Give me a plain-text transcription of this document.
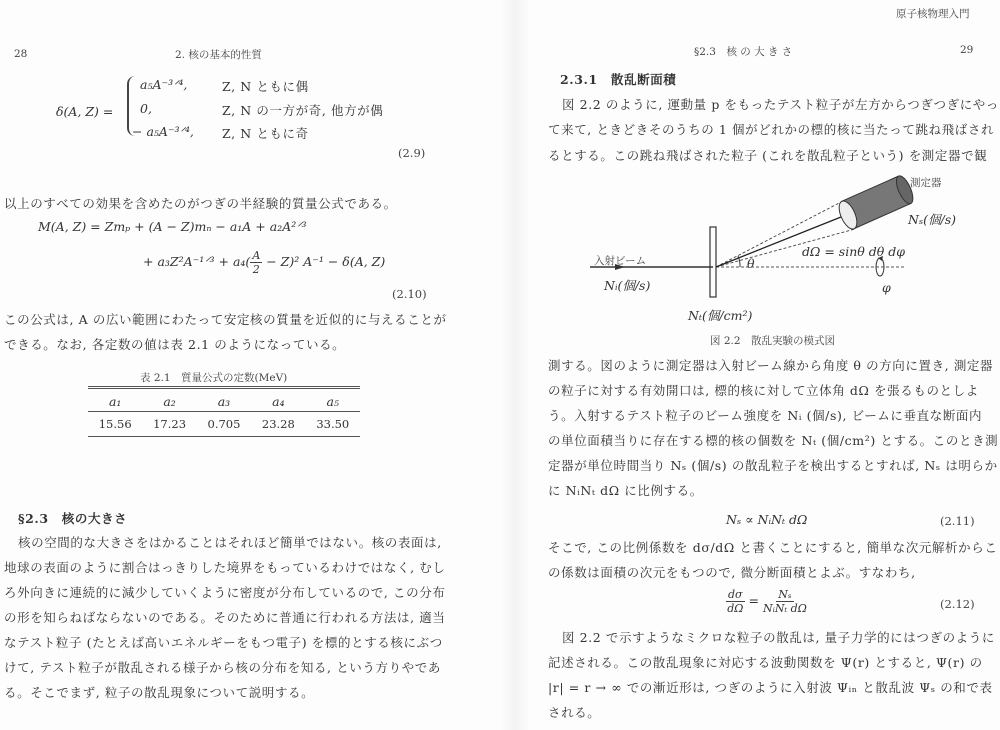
28	2. 核の基本的性質
δ(A, Z) =
a₅A⁻³ᐟ⁴,	Z, N ともに偶
0,	Z, N の一方が奇, 他方が偶
− a₅A⁻³ᐟ⁴, Z, N ともに奇
(2.9)
以上のすべての効果を含めたのがつぎの半経験的質量公式である。
M(A, Z) = Zmₚ + (A − Z)mₙ − a₁A + a₂A²ᐟ³
+ a₃Z²A⁻¹ᐟ³ + $a_4( \frac{A}{2} - Z)^2$ A⁻¹ − δ(A, Z)
(2.10)
この公式は, A の広い範囲にわたって安定核の質量を近似的に与えることが
できる。なお, 各定数の値は表 2.1 のようになっている。
表 2.1　質量公式の定数(MeV)
a₁	a₂	a₃	a₄	a₅
15.56	17.23	0.705	23.28	33.50
§2.3　核の大きさ
核の空間的な大きさをはかることはそれほど簡単ではない。核の表面は,
地球の表面のように割合はっきりした境界をもっているわけではなく, むし
ろ外向きに連続的に減少していくように密度が分布しているので, この分布
の形を知らねばならないのである。そのために普通に行われる方法は, 適当
なテスト粒子 (たとえば高いエネルギーをもつ電子) を標的とする核にぶつ
けて, テスト粒子が散乱される様子から核の分布を知る, という方りやであ
る。そこでまず, 粒子の散乱現象について説明する。
原子核物理入門
§2.3　核 の 大 き さ	29
2.3.1　散乱断面積
図 2.2 のように, 運動量 p をもったテスト粒子が左方からつぎつぎにやっ
て来て, ときどきそのうちの 1 個がどれかの標的核に当たって跳ね飛ばされ
るとする。この跳ね飛ばされた粒子 (これを散乱粒子という) を測定器で観
測定器
Nₛ(個/s)
dΩ = sinθ dθ dφ
入射ビーム
Nᵢ(個/s)
θ
φ
Nₜ(個/cm²)
図 2.2　散乱実験の模式図
測する。図のように測定器は入射ビーム線から角度 θ の方向に置き, 測定器
の粒子に対する有効開口は, 標的核に対して立体角 dΩ を張るものとしよ
う。入射するテスト粒子のビーム強度を Nᵢ (個/s), ビームに垂直な断面内
の単位面積当りに存在する標的核の個数を Nₜ (個/cm²) とする。このとき測
定器が単位時間当り Nₛ (個/s) の散乱粒子を検出するとすれば, Nₛ は明らか
に NᵢNₜ dΩ に比例する。
Nₛ ∝ NᵢNₜ dΩ	(2.11)
そこで, この比例係数を dσ/dΩ と書くことにすると, 簡単な次元解析からこ
の係数は面積の次元をもつので, 微分断面積とよぶ。すなわち,
$\frac{d\sigma}{d\Omega} = \frac{\text{Nₛ}}{\text{NᵢNₜ dΩ}}$	(2.12)
図 2.2 で示すようなミクロな粒子の散乱は, 量子力学的にはつぎのように
記述される。この散乱現象に対応する波動関数を Ψ(r) とすると, Ψ(r) の
|r| = r → ∞ での漸近形は, つぎのように入射波 Ψᵢₙ と散乱波 Ψₛ の和で表
される。
